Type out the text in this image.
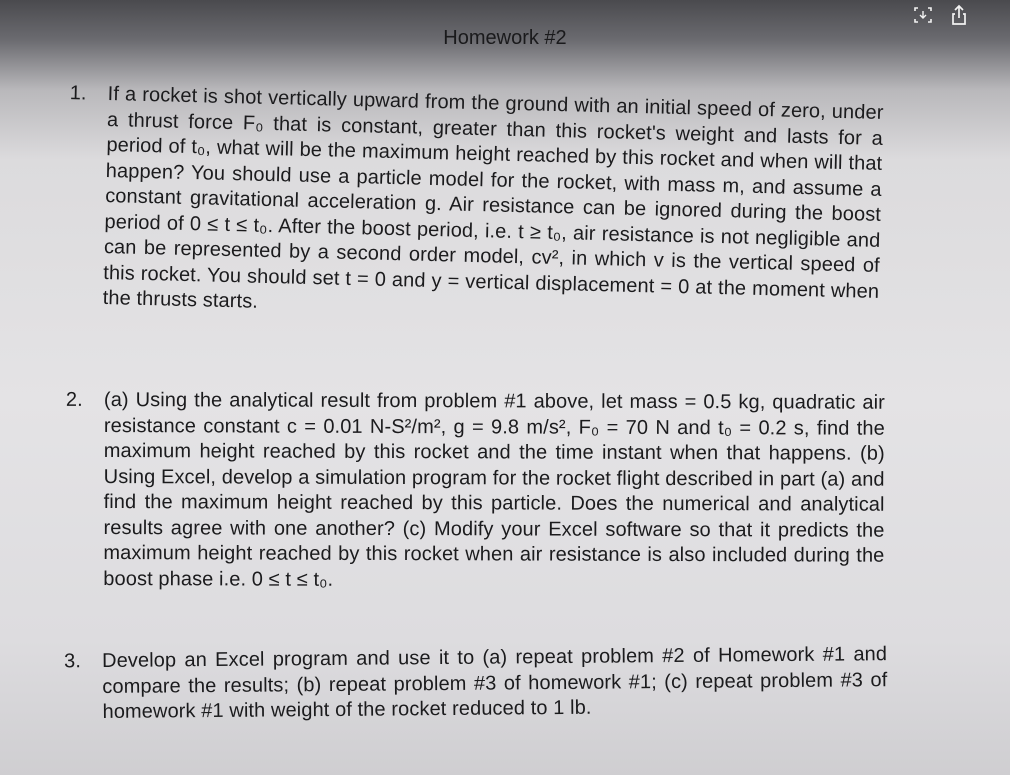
Homework #2
1. If a rocket is shot vertically upward from the ground with an initial speed of zero, under a thrust force F₀ that is constant, greater than this rocket's weight and lasts for a period of t₀, what will be the maximum height reached by this rocket and when will that happen? You should use a particle model for the rocket, with mass m, and assume a constant gravitational acceleration g. Air resistance can be ignored during the boost period of 0 ≤ t ≤ t₀. After the boost period, i.e. t ≥ t₀, air resistance is not negligible and can be represented by a second order model, cv², in which v is the vertical speed of this rocket. You should set t = 0 and y = vertical displacement = 0 at the moment when the thrusts starts.

2. (a) Using the analytical result from problem #1 above, let mass = 0.5 kg, quadratic air resistance constant c = 0.01 N-S²/m², g = 9.8 m/s², F₀ = 70 N and t₀ = 0.2 s, find the maximum height reached by this rocket and the time instant when that happens. (b) Using Excel, develop a simulation program for the rocket flight described in part (a) and find the maximum height reached by this particle. Does the numerical and analytical results agree with one another? (c) Modify your Excel software so that it predicts the maximum height reached by this rocket when air resistance is also included during the boost phase i.e. 0 ≤ t ≤ t₀.

3. Develop an Excel program and use it to (a) repeat problem #2 of Homework #1 and compare the results; (b) repeat problem #3 of homework #1; (c) repeat problem #3 of homework #1 with weight of the rocket reduced to 1 lb.
